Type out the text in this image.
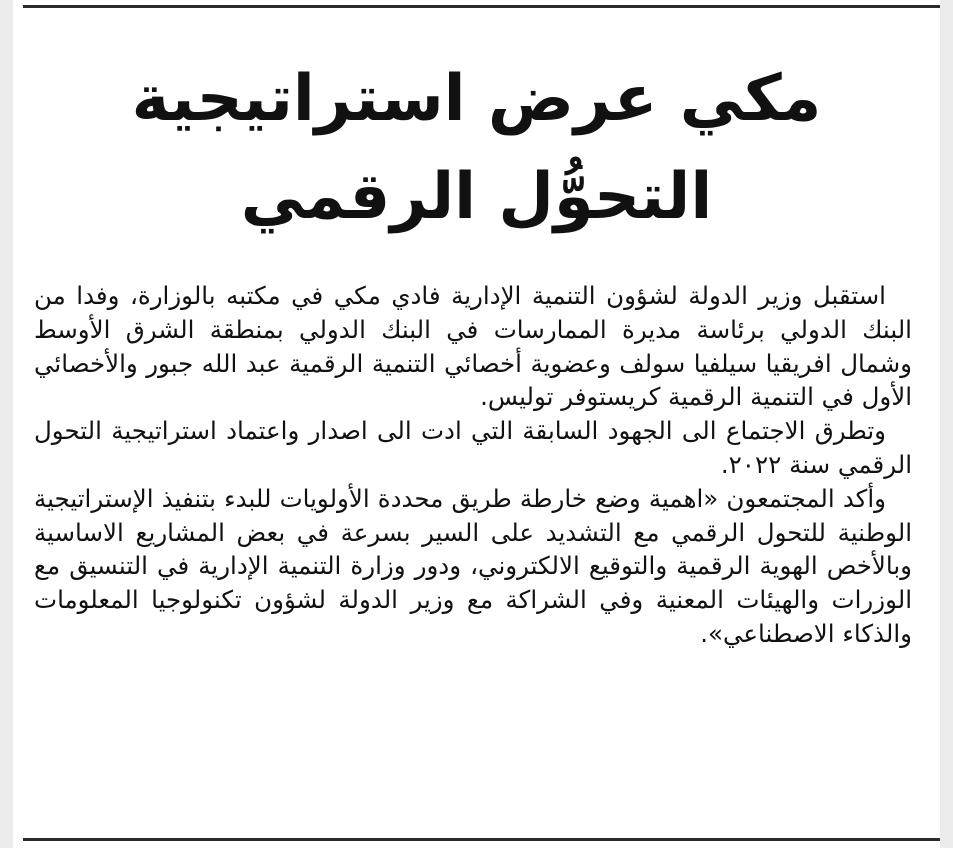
مكي عرض استراتيجية
التحوُّل الرقمي

استقبل وزير الدولة لشؤون التنمية الإدارية فادي مكي في مكتبه بالوزارة، وفدا من البنك الدولي برئاسة مديرة الممارسات في البنك الدولي بمنطقة الشرق الأوسط وشمال افريقيا سيلفيا سولف وعضوية أخصائي التنمية الرقمية عبد الله جبور والأخصائي الأول في التنمية الرقمية كريستوفر توليس.

وتطرق الاجتماع الى الجهود السابقة التي ادت الى اصدار واعتماد استراتيجية التحول الرقمي سنة ٢٠٢٢.

وأكد المجتمعون «اهمية وضع خارطة طريق محددة الأولويات للبدء بتنفيذ الإستراتيجية الوطنية للتحول الرقمي مع التشديد على السير بسرعة في بعض المشاريع الاساسية وبالأخص الهوية الرقمية والتوقيع الالكتروني، ودور وزارة التنمية الإدارية في التنسيق مع الوزرات والهيئات المعنية وفي الشراكة مع وزير الدولة لشؤون تكنولوجيا المعلومات والذكاء الاصطناعي».
